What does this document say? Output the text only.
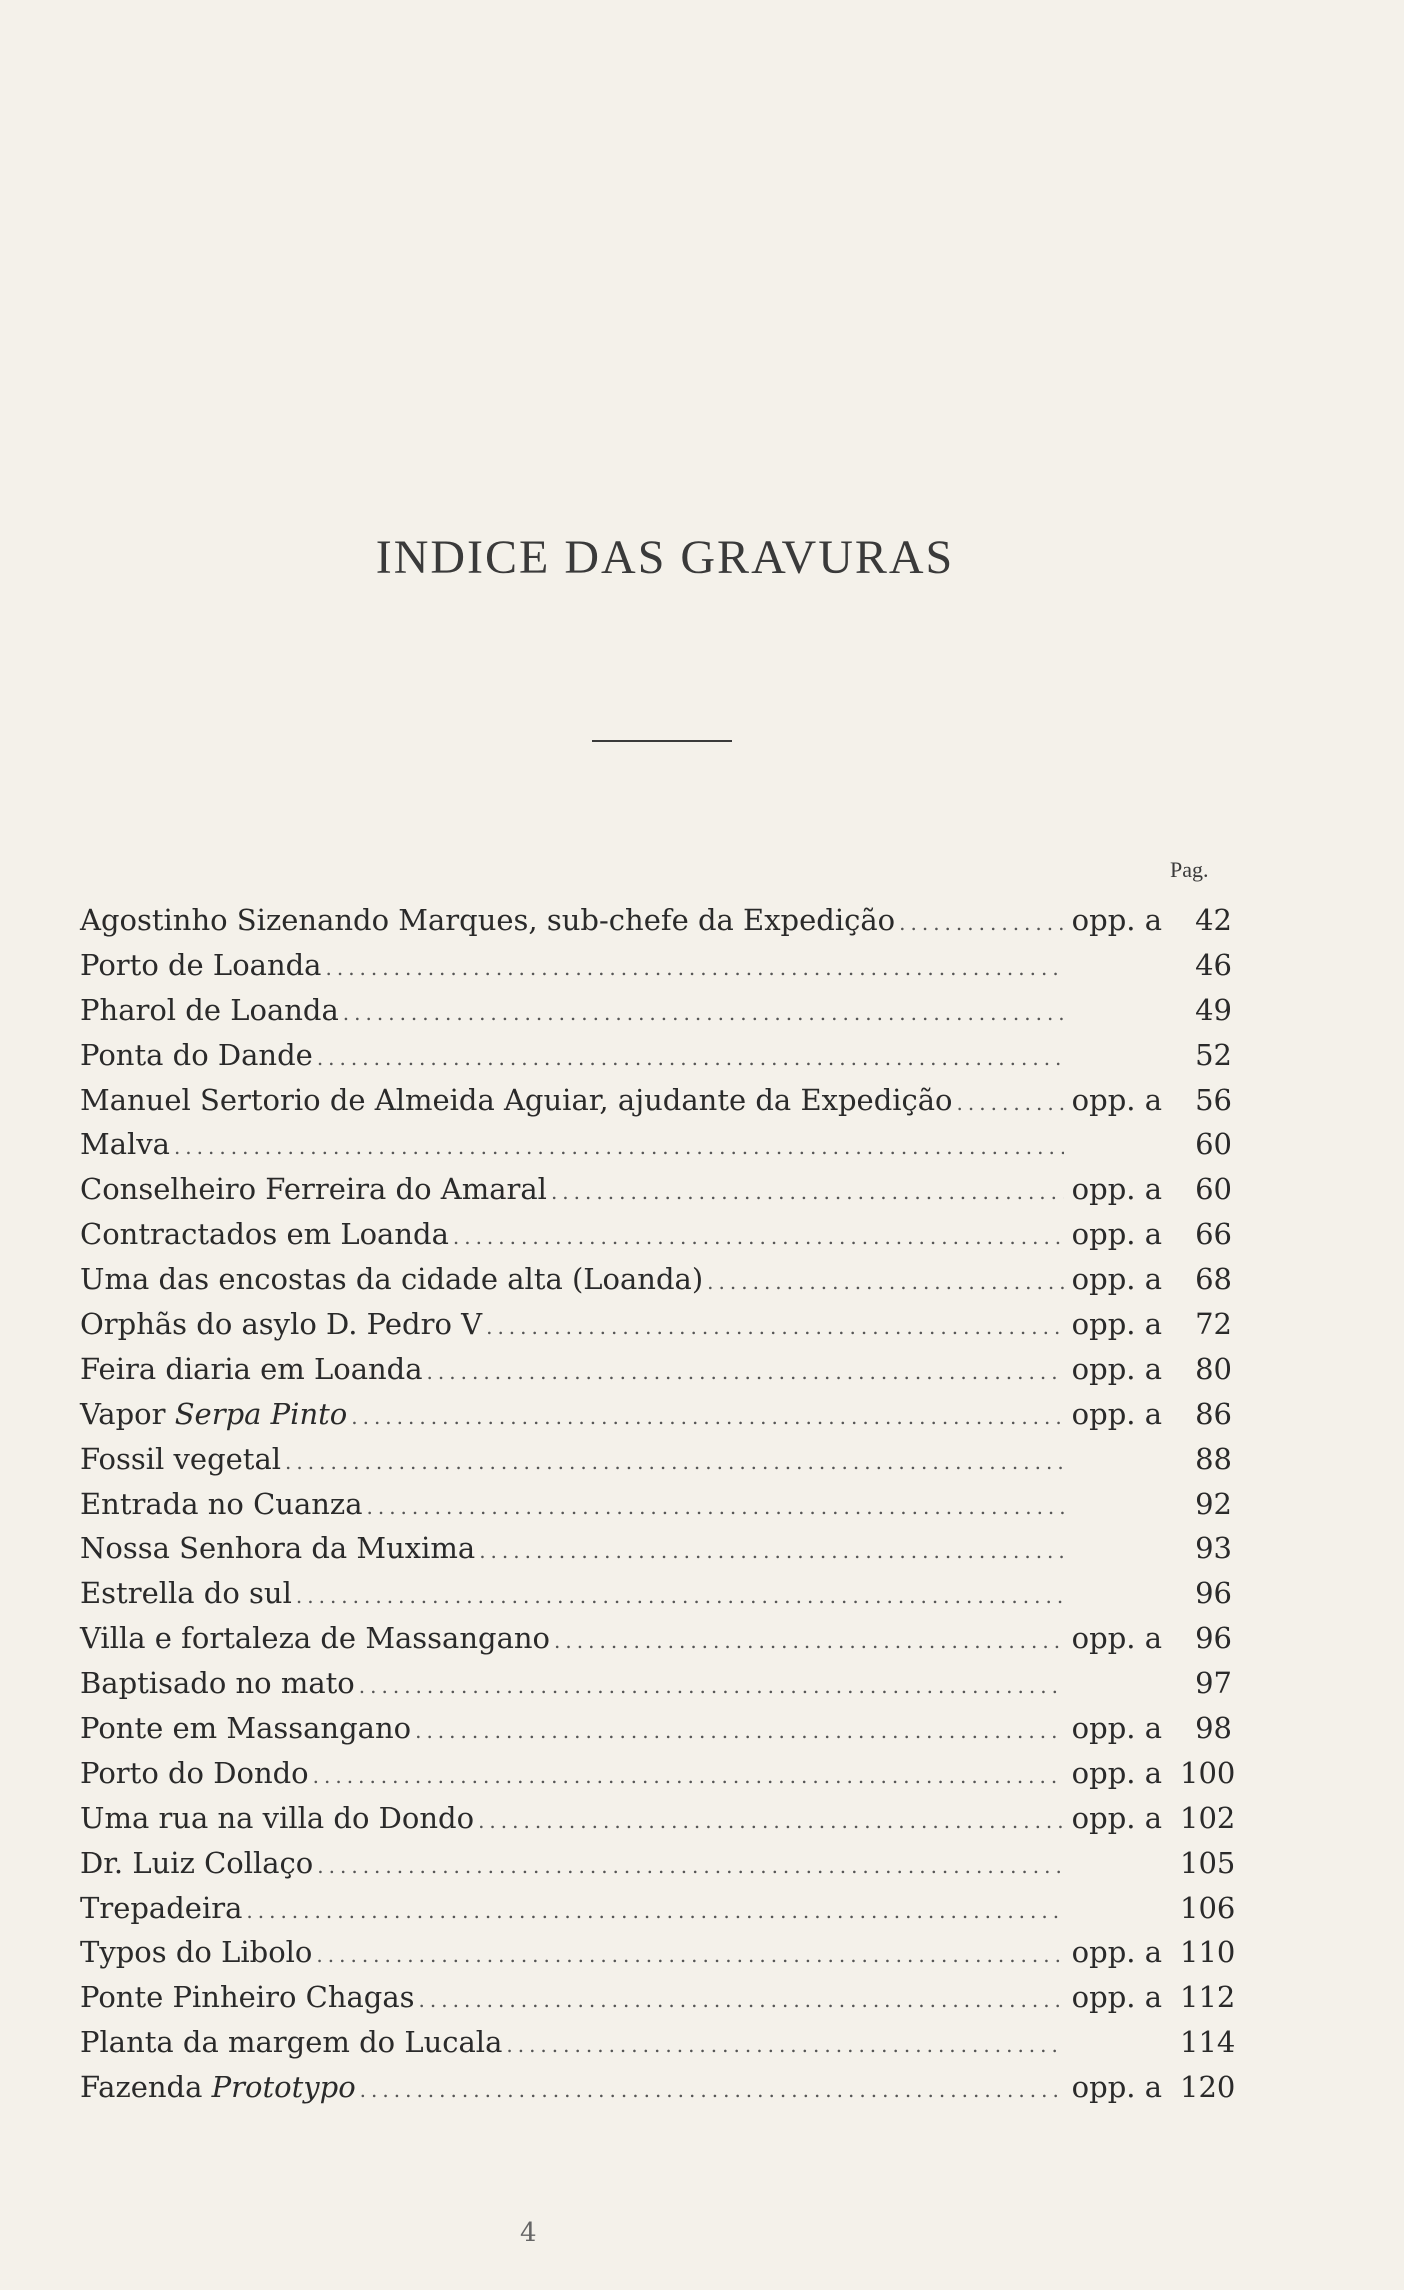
INDICE DAS GRAVURAS
Pag.
Agostinho Sizenando Marques, sub-chefe da Expedição .....	opp. a	42
Porto de Loanda .....	46
Pharol de Loanda .....	49
Ponta do Dande .....	52
Manuel Sertorio de Almeida Aguiar, ajudante da Expedição .....	opp. a	56
Malva .....	60
Conselheiro Ferreira do Amaral .....	opp. a	60
Contractados em Loanda .....	opp. a	66
Uma das encostas da cidade alta (Loanda) .....	opp. a	68
Orphãs do asylo D. Pedro V .....	opp. a	72
Feira diaria em Loanda .....	opp. a	80
Vapor Serpa Pinto .....	opp. a	86
Fossil vegetal .....	88
Entrada no Cuanza .....	92
Nossa Senhora da Muxima .....	93
Estrella do sul .....	96
Villa e fortaleza de Massangano .....	opp. a	96
Baptisado no mato .....	97
Ponte em Massangano .....	opp. a	98
Porto do Dondo .....	opp. a 100
Uma rua na villa do Dondo .....	opp. a 102
Dr. Luiz Collaço .....	105
Trepadeira .....	106
Typos do Libolo .....	opp. a 110
Ponte Pinheiro Chagas .....	opp. a 112
Planta da margem do Lucala .....	114
Fazenda Prototypo .....	opp. a 120
4
